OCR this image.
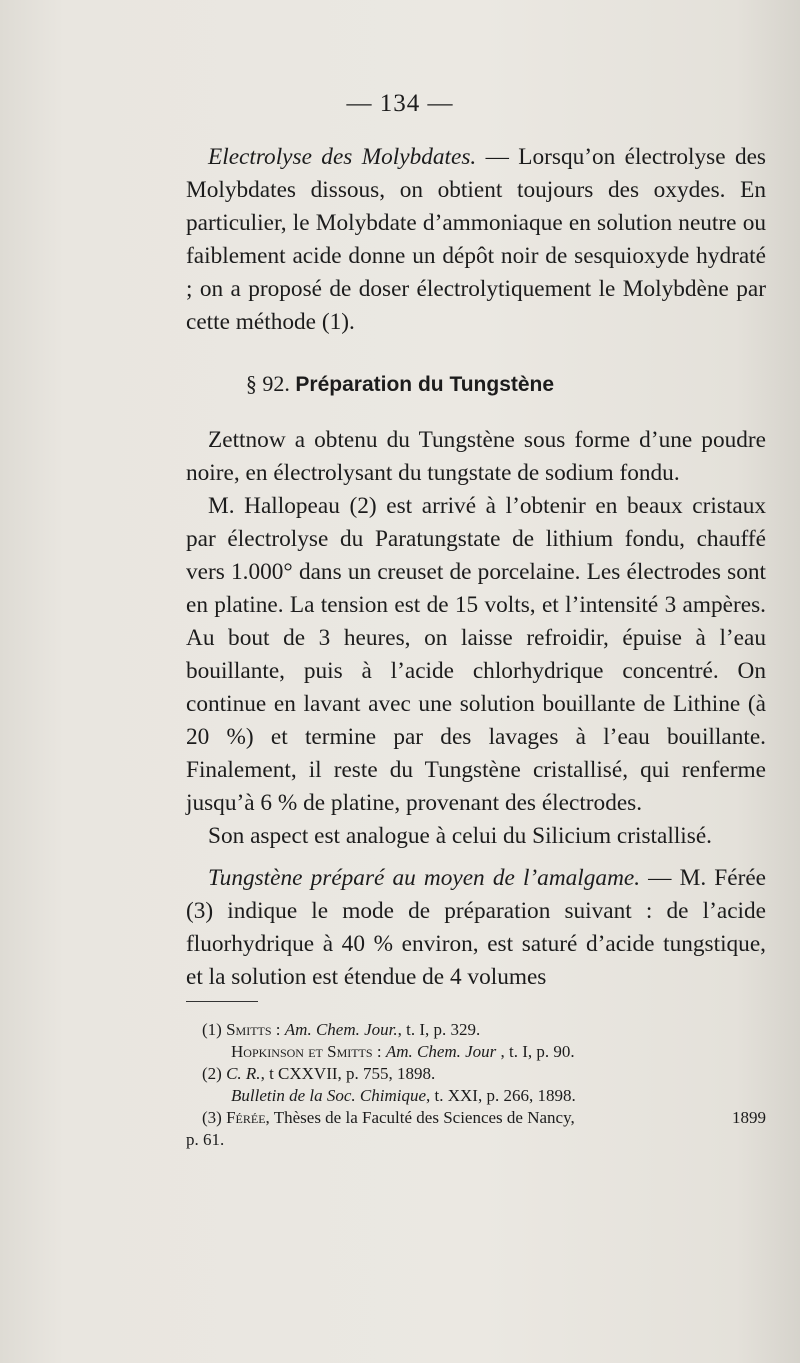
— 134 —

Electrolyse des Molybdates. — Lorsqu’on électrolyse des Molybdates dissous, on obtient toujours des oxydes. En particulier, le Molybdate d’ammoniaque en solution neutre ou faiblement acide donne un dépôt noir de sesquioxyde hydraté ; on a proposé de doser électrolytiquement le Molybdène par cette méthode (1).

§ 92. Préparation du Tungstène

Zettnow a obtenu du Tungstène sous forme d’une poudre noire, en électrolysant du tungstate de sodium fondu.

M. Hallopeau (2) est arrivé à l’obtenir en beaux cristaux par électrolyse du Paratungstate de lithium fondu, chauffé vers 1.000° dans un creuset de porcelaine. Les électrodes sont en platine. La tension est de 15 volts, et l’intensité 3 ampères. Au bout de 3 heures, on laisse refroidir, épuise à l’eau bouillante, puis à l’acide chlorhydrique concentré. On continue en lavant avec une solution bouillante de Lithine (à 20 %) et termine par des lavages à l’eau bouillante. Finalement, il reste du Tungstène cristallisé, qui renferme jusqu’à 6 % de platine, provenant des électrodes.

Son aspect est analogue à celui du Silicium cristallisé.

Tungstène préparé au moyen de l’amalgame. — M. Férée (3) indique le mode de préparation suivant : de l’acide fluorhydrique à 40 % environ, est saturé d’acide tungstique, et la solution est étendue de 4 volumes

(1) Smitts : Am. Chem. Jour., t. I, p. 329.

Hopkinson et Smitts : Am. Chem. Jour , t. I, p. 90.

(2) C. R., t CXXVII, p. 755, 1898.

Bulletin de la Soc. Chimique, t. XXI, p. 266, 1898.

(3) Férée, Thèses de la Faculté des Sciences de Nancy,	1899

p. 61.
